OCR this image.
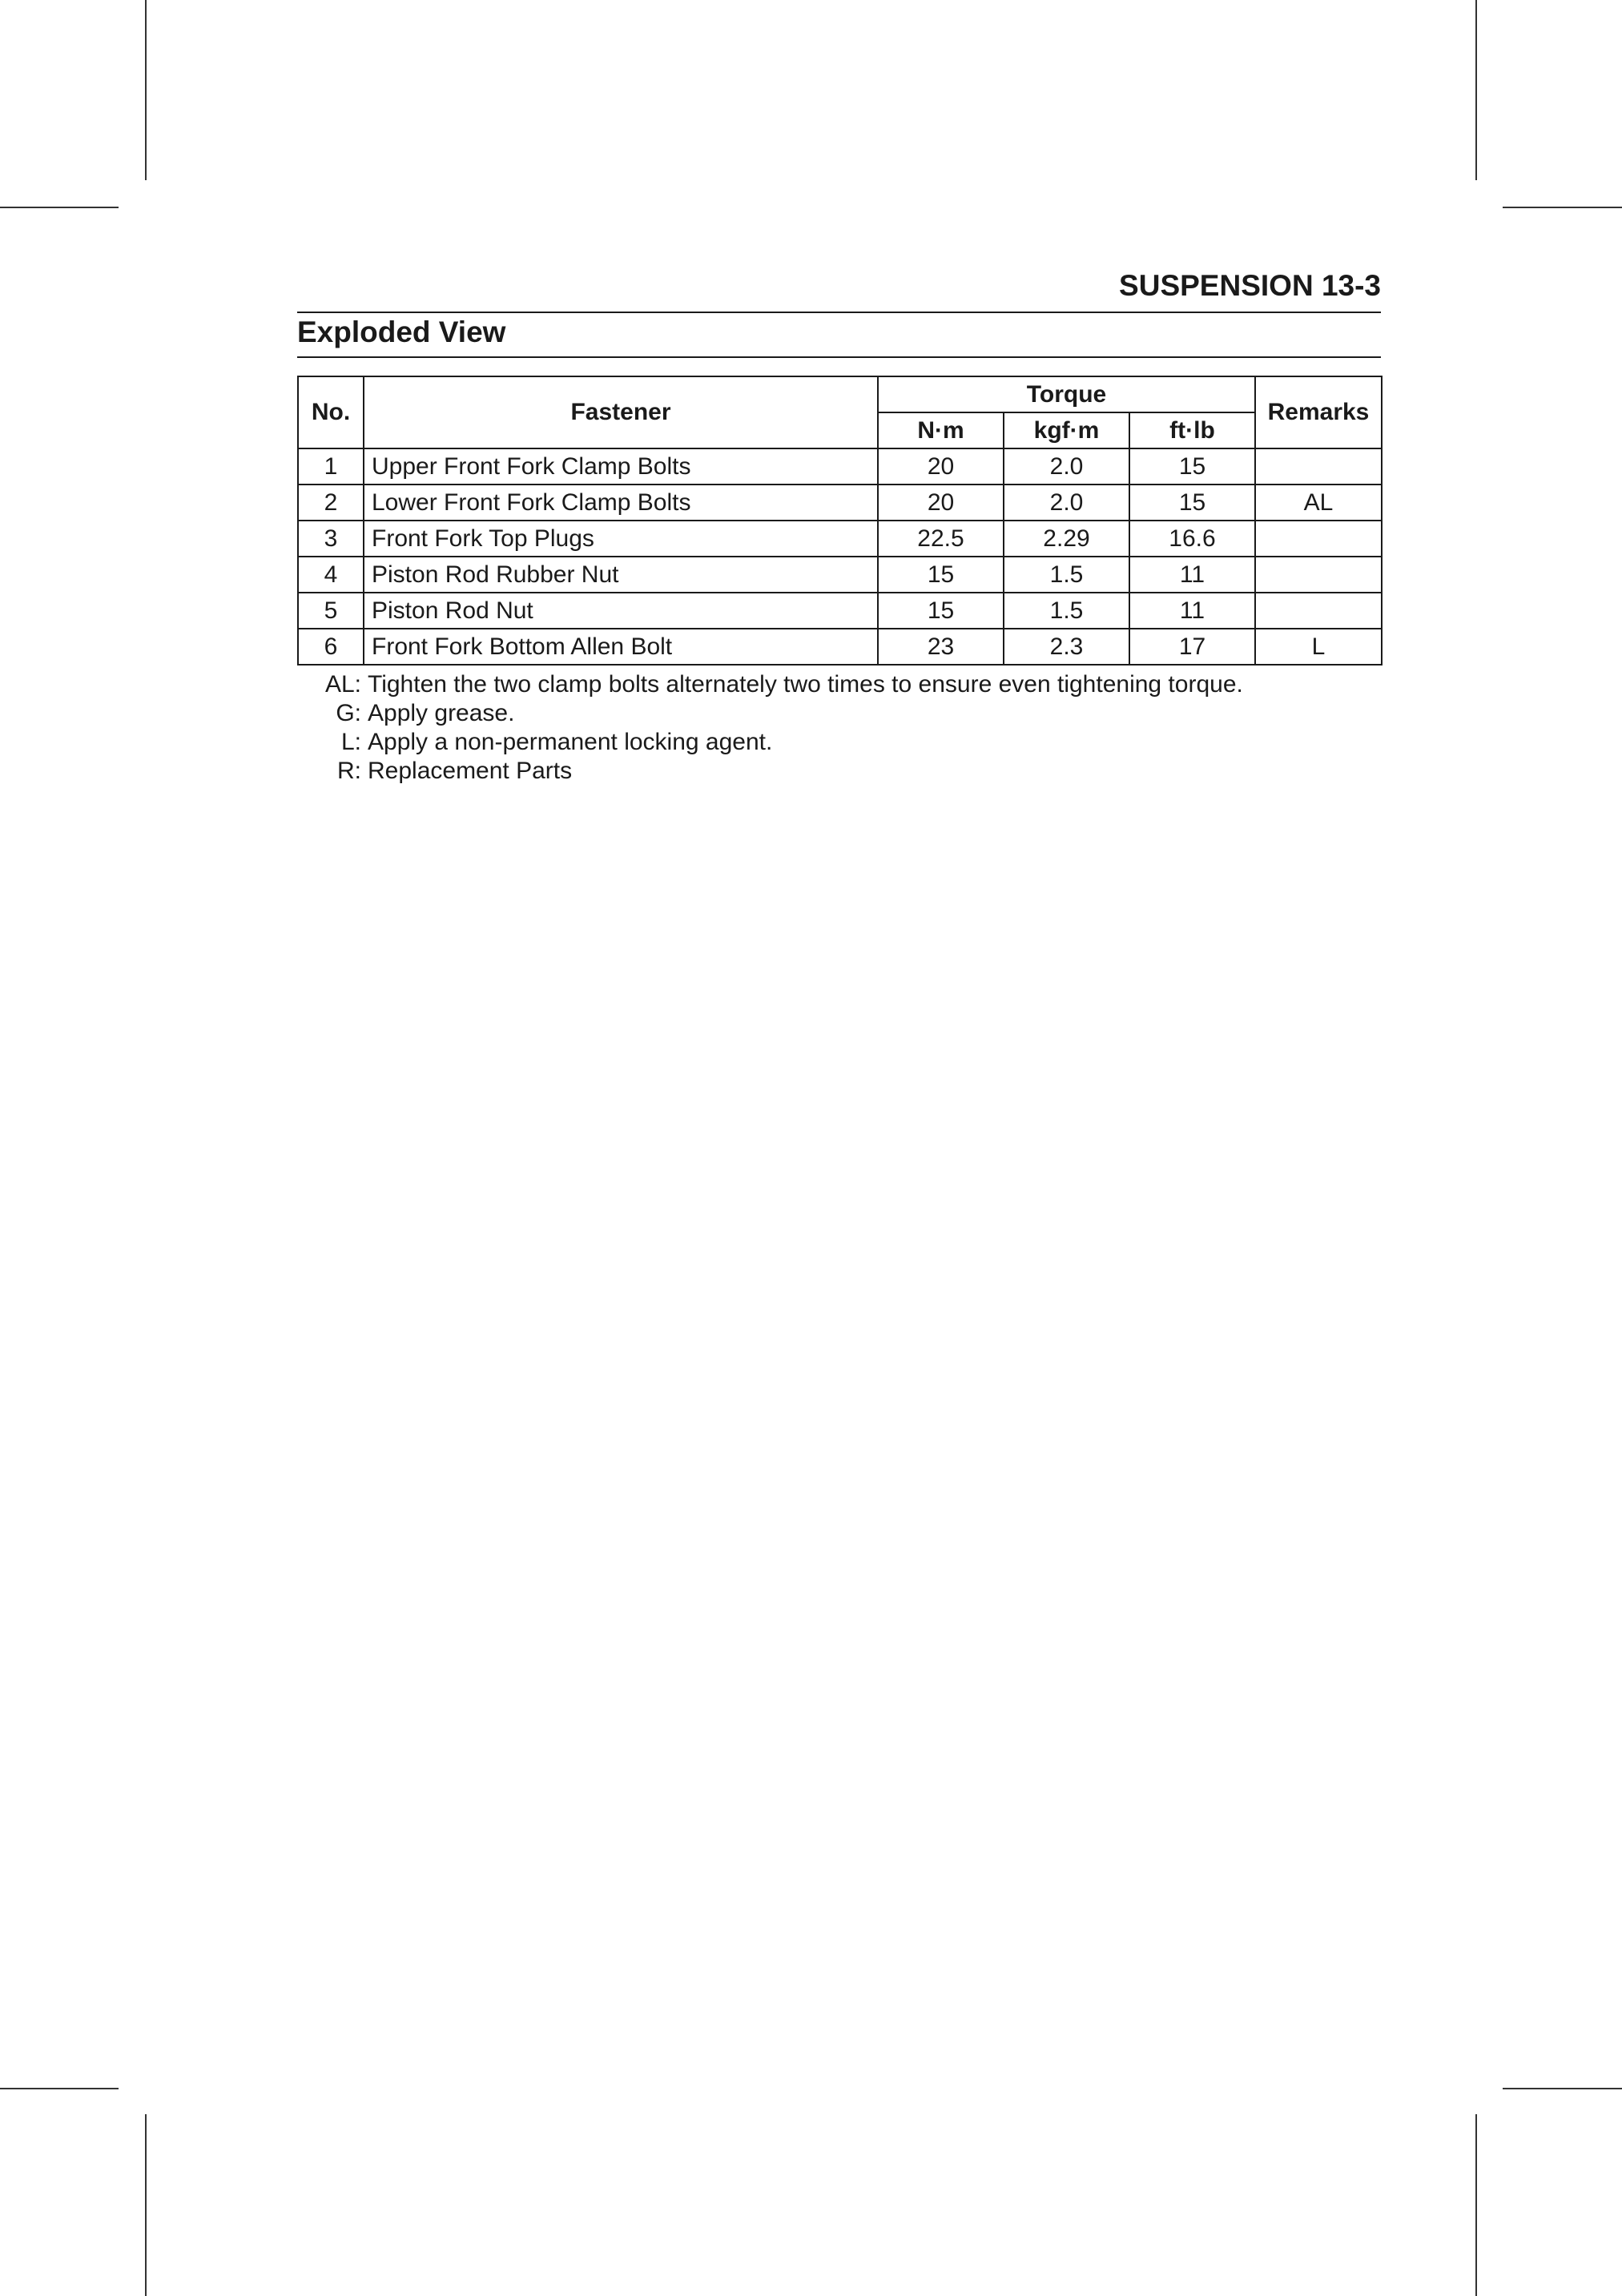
SUSPENSION 13-3
Exploded View
No.	Fastener	Torque			Remarks
		N·m	kgf·m	ft·lb	
1	Upper Front Fork Clamp Bolts	20	2.0	15	
2	Lower Front Fork Clamp Bolts	20	2.0	15	AL
3	Front Fork Top Plugs	22.5	2.29	16.6	
4	Piston Rod Rubber Nut	15	1.5	11	
5	Piston Rod Nut	15	1.5	11	
6	Front Fork Bottom Allen Bolt	23	2.3	17	L
AL: Tighten the two clamp bolts alternately two times to ensure even tightening torque.
G: Apply grease.
L: Apply a non-permanent locking agent.
R: Replacement Parts
